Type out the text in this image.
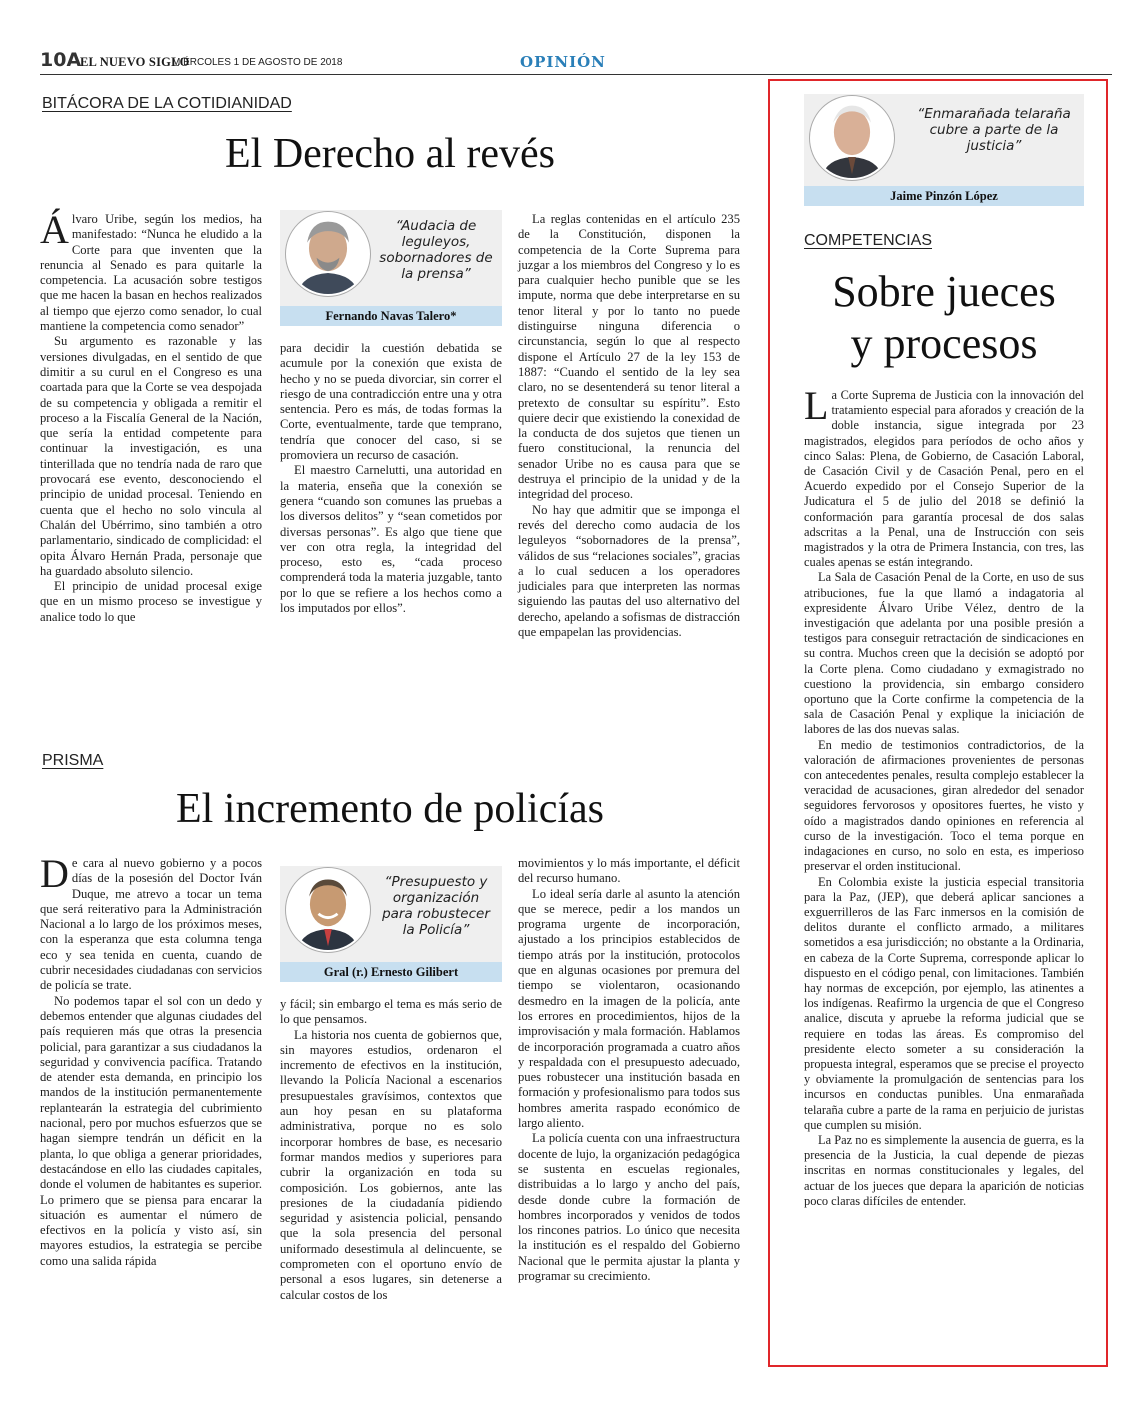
10A
EL NUEVO SIGLO
MIÉRCOLES 1 DE AGOSTO DE 2018	OPINIÓN
BITÁCORA DE LA COTIDIANIDAD
El Derecho al revés
Á lvaro Uribe, según los medios, ha manifestado: “Nunca he eludido a la Corte para que inventen que la renuncia al Senado es para quitarle la competencia. La acusación sobre testigos que me hacen la basan en hechos realizados al tiempo que ejerzo como senador, lo cual mantiene la competencia como senador”

Su argumento es razonable y las versiones divulgadas, en el sentido de que dimitir a su curul en el Congreso es una coartada para que la Corte se vea despojada de su competencia y obligada a remitir el proceso a la Fiscalía General de la Nación, que sería la entidad competente para continuar la investigación, es una tinterillada que no tendría nada de raro que provocará ese evento, desconociendo el principio de unidad procesal. Teniendo en cuenta que el hecho no solo vincula al Chalán del Ubérrimo, sino también a otro parlamentario, sindicado de complicidad: el opita Álvaro Hernán Prada, personaje que ha guardado absoluto silencio.

El principio de unidad procesal exige que en un mismo proceso se investigue y analice todo lo que

“Audacia de leguleyos, sobornadores de la prensa”
Fernando Navas Talero*

para decidir la cuestión debatida se acumule por la conexión que exista de hecho y no se pueda divorciar, sin correr el riesgo de una contradicción entre una y otra sentencia. Pero es más, de todas formas la Corte, eventualmente, tarde que temprano, tendría que conocer del caso, si se promoviera un recurso de casación.

El maestro Carnelutti, una autoridad en la materia, enseña que la conexión se genera “cuando son comunes las pruebas a los diversos delitos” y “sean cometidos por diversas personas”. Es algo que tiene que ver con otra regla, la integridad del proceso, esto es, “cada proceso comprenderá toda la materia juzgable, tanto por lo que se refiere a los hechos como a los imputados por ellos”.

La reglas contenidas en el artículo 235 de la Constitución, disponen la competencia de la Corte Suprema para juzgar a los miembros del Congreso y lo es para cualquier hecho punible que se les impute, norma que debe interpretarse en su tenor literal y por lo tanto no puede distinguirse ninguna diferencia o circunstancia, según lo que al respecto dispone el Artículo 27 de la ley 153 de 1887: “Cuando el sentido de la ley sea claro, no se desentenderá su tenor literal a pretexto de consultar su espíritu”. Esto quiere decir que existiendo la conexidad de la conducta de dos sujetos que tienen un fuero constitucional, la renuncia del senador Uribe no es causa para que se destruya el principio de la unidad y de la integridad del proceso.

No hay que admitir que se imponga el revés del derecho como audacia de los leguleyos “sobornadores de la prensa”, válidos de sus “relaciones sociales”, gracias a lo cual seducen a los operadores judiciales para que interpreten las normas siguiendo las pautas del uso alternativo del derecho, apelando a sofismas de distracción que empapelan las providencias.

PRISMA
El incremento de policías
D e cara al nuevo gobierno y a pocos días de la posesión del Doctor Iván Duque, me atrevo a tocar un tema que será reiterativo para la Administración Nacional a lo largo de los próximos meses, con la esperanza que esta columna tenga eco y sea tenida en cuenta, cuando de cubrir necesidades ciudadanas con servicios de policía se trate.

No podemos tapar el sol con un dedo y debemos entender que algunas ciudades del país requieren más que otras la presencia policial, para garantizar a sus ciudadanos la seguridad y convivencia pacífica. Tratando de atender esta demanda, en principio los mandos de la institución permanentemente replantearán la estrategia del cubrimiento nacional, pero por muchos esfuerzos que se hagan siempre tendrán un déficit en la planta, lo que obliga a generar prioridades, destacándose en ello las ciudades capitales, donde el volumen de habitantes es superior. Lo primero que se piensa para encarar la situación es aumentar el número de efectivos en la policía y visto así, sin mayores estudios, la estrategia se percibe como una salida rápida

“Presupuesto y organización para robustecer la Policía”
Gral (r.) Ernesto Gilibert

y fácil; sin embargo el tema es más serio de lo que pensamos.

La historia nos cuenta de gobiernos que, sin mayores estudios, ordenaron el incremento de efectivos en la institución, llevando la Policía Nacional a escenarios presupuestales gravísimos, contextos que aun hoy pesan en su plataforma administrativa, porque no es solo incorporar hombres de base, es necesario formar mandos medios y superiores para cubrir la organización en toda su composición. Los gobiernos, ante las presiones de la ciudadanía pidiendo seguridad y asistencia policial, pensando que la sola presencia del personal uniformado desestimula al delincuente, se comprometen con el oportuno envío de personal a esos lugares, sin detenerse a calcular costos de los

movimientos y lo más importante, el déficit del recurso humano.

Lo ideal sería darle al asunto la atención que se merece, pedir a los mandos un programa urgente de incorporación, ajustado a los principios establecidos de tiempo atrás por la institución, protocolos que en algunas ocasiones por premura del tiempo se violentaron, ocasionando desmedro en la imagen de la policía, ante los errores en procedimientos, hijos de la improvisación y mala formación. Hablamos de incorporación programada a cuatro años y respaldada con el presupuesto adecuado, pues robustecer una institución basada en formación y profesionalismo para todos sus hombres amerita raspado económico de largo aliento.

La policía cuenta con una infraestructura docente de lujo, la organización pedagógica se sustenta en escuelas regionales, distribuidas a lo largo y ancho del país, desde donde cubre la formación de hombres incorporados y venidos de todos los rincones patrios. Lo único que necesita la institución es el respaldo del Gobierno Nacional que le permita ajustar la planta y programar su crecimiento.

“Enmarañada telaraña cubre a parte de la justicia”
Jaime Pinzón López
COMPETENCIAS
Sobre jueces
y procesos
L a Corte Suprema de Justicia con la innovación del tratamiento especial para aforados y creación de la doble instancia, sigue integrada por 23 magistrados, elegidos para períodos de ocho años y cinco Salas: Plena, de Gobierno, de Casación Laboral, de Casación Civil y de Casación Penal, pero en el Acuerdo expedido por el Consejo Superior de la Judicatura el 5 de julio del 2018 se definió la conformación para garantía procesal de dos salas adscritas a la Penal, una de Instrucción con seis magistrados y la otra de Primera Instancia, con tres, las cuales apenas se están integrando.

La Sala de Casación Penal de la Corte, en uso de sus atribuciones, fue la que llamó a indagatoria al expresidente Álvaro Uribe Vélez, dentro de la investigación que adelanta por una posible presión a testigos para conseguir retractación de sindicaciones en su contra. Muchos creen que la decisión se adoptó por la Corte plena. Como ciudadano y exmagistrado no cuestiono la providencia, sin embargo considero oportuno que la Corte confirme la competencia de la sala de Casación Penal y explique la iniciación de labores de las dos nuevas salas.

En medio de testimonios contradictorios, de la valoración de afirmaciones provenientes de personas con antecedentes penales, resulta complejo establecer la veracidad de acusaciones, giran alrededor del senador seguidores fervorosos y opositores fuertes, he visto y oído a magistrados dando opiniones en referencia al curso de la investigación. Toco el tema porque en indagaciones en curso, no solo en esta, es imperioso preservar el orden institucional.

En Colombia existe la justicia especial transitoria para la Paz, (JEP), que deberá aplicar sanciones a exguerrilleros de las Farc inmersos en la comisión de delitos durante el conflicto armado, a militares sometidos a esa jurisdicción; no obstante a la Ordinaria, en cabeza de la Corte Suprema, corresponde aplicar lo dispuesto en el código penal, con limitaciones. También hay normas de excepción, por ejemplo, las atinentes a los indígenas. Reafirmo la urgencia de que el Congreso analice, discuta y apruebe la reforma judicial que se requiere en todas las áreas. Es compromiso del presidente electo someter a su consideración la propuesta integral, esperamos que se precise el proyecto y obviamente la promulgación de sentencias para los incursos en conductas punibles. Una enmarañada telaraña cubre a parte de la rama en perjuicio de juristas que cumplen su misión.

La Paz no es simplemente la ausencia de guerra, es la presencia de la Justicia, la cual depende de piezas inscritas en normas constitucionales y legales, del actuar de los jueces que depara la aparición de noticias poco claras difíciles de entender.
